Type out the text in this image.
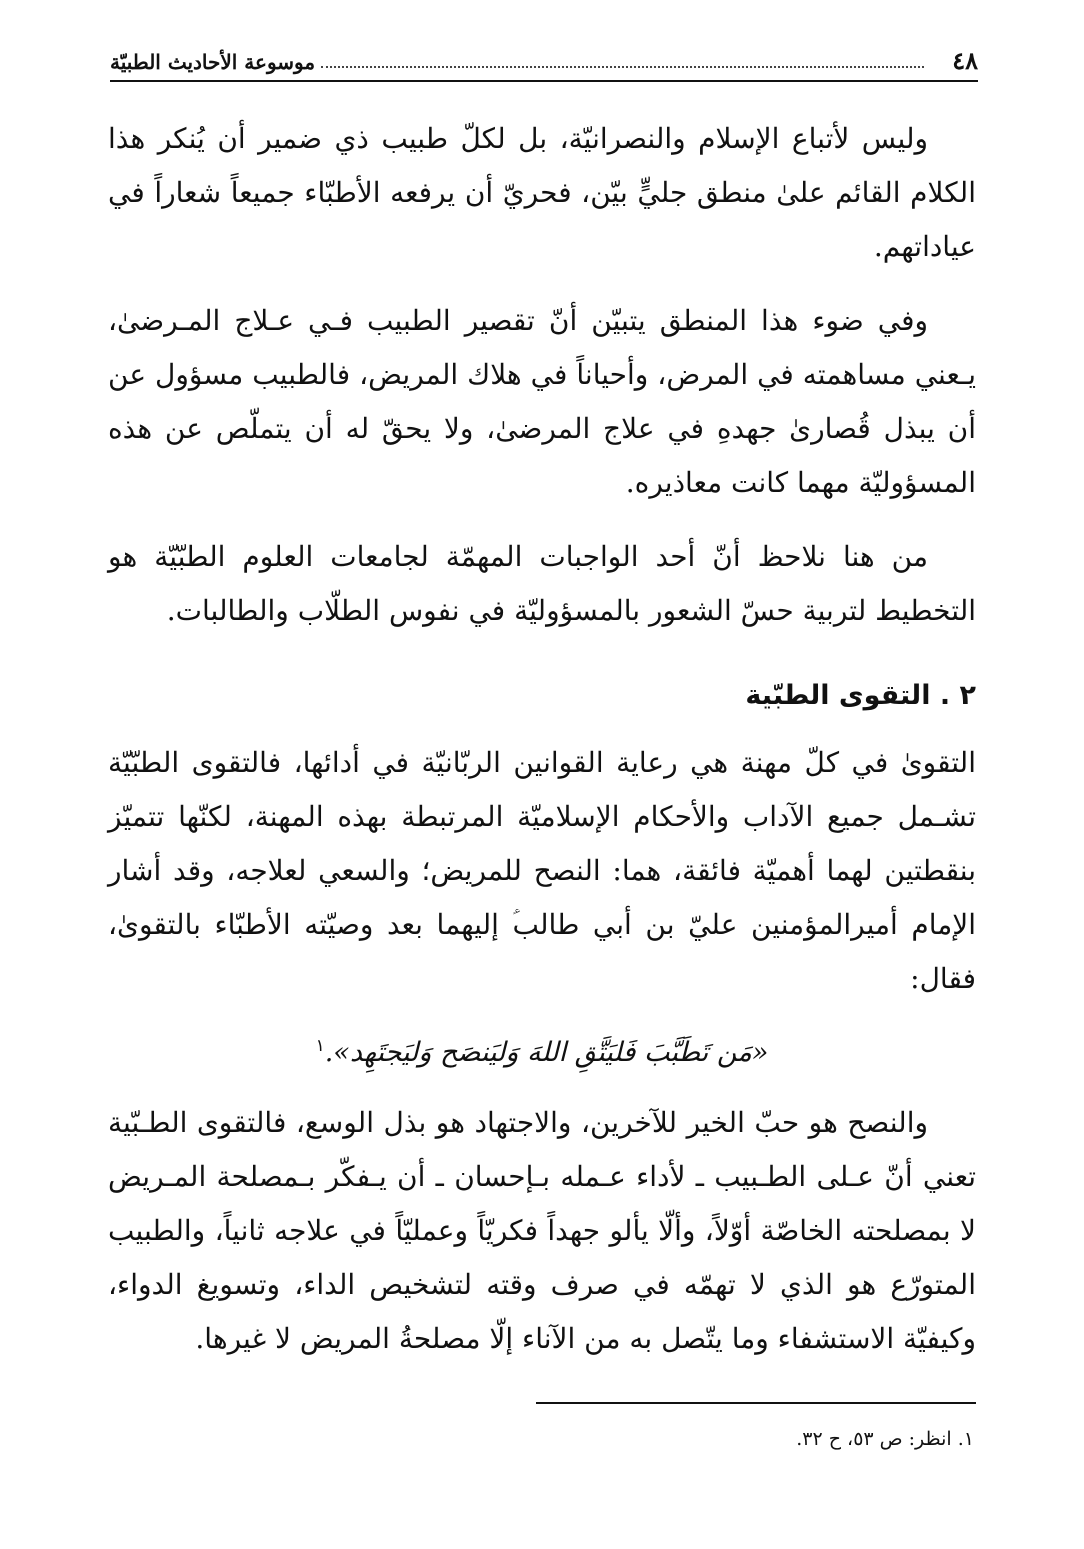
٤٨
موسوعة الأحاديث الطبيّة

وليس لأتباع الإسلام والنصرانيّة، بل لكلّ طبيب ذي ضمير أن يُنكر هذا الكلام القائم علىٰ منطق جليٍّ بيّن، فحريّ أن يرفعه الأطبّاء جميعاً شعاراً في عياداتهم.

وفي ضوء هذا المنطق يتبيّن أنّ تقصير الطبيب فـي عـلاج المـرضىٰ، يـعني مساهمته في المرض، وأحياناً في هلاك المريض، فالطبيب مسؤول عن أن يبذل قُصارىٰ جهدهِ في علاج المرضىٰ، ولا يحقّ له أن يتملّص عن هذه المسؤوليّة مهما كانت معاذيره.

من هنا نلاحظ أنّ أحد الواجبات المهمّة لجامعات العلوم الطبّيّة هو التخطيط لتربية حسّ الشعور بالمسؤوليّة في نفوس الطلّاب والطالبات.

٢ . التقوى الطبّية

التقوىٰ في كلّ مهنة هي رعاية القوانين الربّانيّة في أدائها، فالتقوى الطبّيّة تشـمل جميع الآداب والأحكام الإسلاميّة المرتبطة بهذه المهنة، لكنّها تتميّز بنقطتين لهما أهميّة فائقة، هما: النصح للمريض؛ والسعي لعلاجه، وقد أشار الإمام أميرالمؤمنين عليّ بن أبي طالب‎ؑ إليهما بعد وصيّته الأطبّاء بالتقوىٰ، فقال:

«مَن تَطَبَّبَ فَليَتَّقِ اللهَ وَليَنصَح وَليَجتَهِد».$^١$

والنصح هو حبّ الخير للآخرين، والاجتهاد هو بذل الوسع، فالتقوى الطـبّية تعني أنّ عـلى الطـبيب ـ لأداء عـمله بـإحسان ـ أن يـفكّر بـمصلحة المـريض لا بمصلحته الخاصّة أوّلاً، وألّا يألو جهداً فكريّاً وعمليّاً في علاجه ثانياً، والطبيب المتورّع هو الذي لا تهمّه في صرف وقته لتشخيص الداء، وتسويغ الدواء، وكيفيّة الاستشفاء وما يتّصل به من الآناء إلّا مصلحةُ المريض لا غيرها.

١. انظر: ص ٥٣، ح ٣٢.
